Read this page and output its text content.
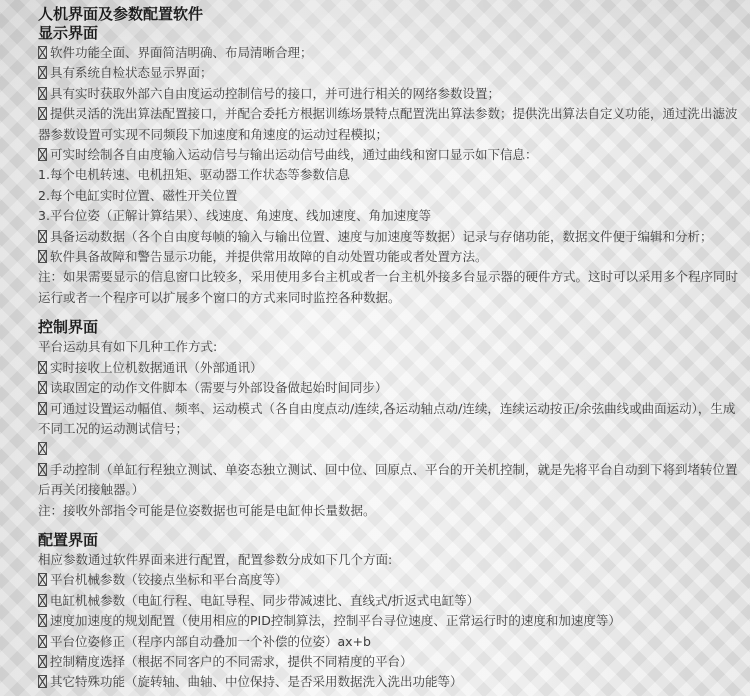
人机界面及参数配置软件
显示界面

软件功能全面、界面简洁明确、布局清晰合理；

具有系统自检状态显示界面；

具有实时获取外部六自由度运动控制信号的接口，并可进行相关的网络参数设置；

提供灵活的洗出算法配置接口，并配合委托方根据训练场景特点配置洗出算法参数；提供洗出算法自定义功能，通过洗出滤波器参数设置可实现不同频段下加速度和角速度的运动过程模拟；

可实时绘制各自由度输入运动信号与输出运动信号曲线，通过曲线和窗口显示如下信息：

1.每个电机转速、电机扭矩、驱动器工作状态等参数信息

2.每个电缸实时位置、磁性开关位置

3.平台位姿（正解计算结果）、线速度、角速度、线加速度、角加速度等

具备运动数据（各个自由度每帧的输入与输出位置、速度与加速度等数据）记录与存储功能，数据文件便于编辑和分析；

软件具备故障和警告显示功能，并提供常用故障的自动处置功能或者处置方法。

注：如果需要显示的信息窗口比较多，采用使用多台主机或者一台主机外接多台显示器的硬件方式。这时可以采用多个程序同时运行或者一个程序可以扩展多个窗口的方式来同时监控各种数据。

控制界面

平台运动具有如下几种工作方式:

实时接收上位机数据通讯（外部通讯）

读取固定的动作文件脚本（需要与外部设备做起始时间同步）

可通过设置运动幅值、频率、运动模式（各自由度点动/连续,各运动轴点动/连续，连续运动按正/余弦曲线或曲面运动），生成不同工况的运动测试信号；

手动控制（单缸行程独立测试、单姿态独立测试、回中位、回原点、平台的开关机控制，就是先将平台自动到下将到堵转位置后再关闭接触器。）

注：接收外部指令可能是位姿数据也可能是电缸伸长量数据。

配置界面

相应参数通过软件界面来进行配置，配置参数分成如下几个方面:

平台机械参数（铰接点坐标和平台高度等）

电缸机械参数（电缸行程、电缸导程、同步带减速比、直线式/折返式电缸等）

速度加速度的规划配置（使用相应的PID控制算法，控制平台寻位速度、正常运行时的速度和加速度等）

平台位姿修正（程序内部自动叠加一个补偿的位姿）ax+b

控制精度选择（根据不同客户的不同需求，提供不同精度的平台）

其它特殊功能（旋转轴、曲轴、中位保持、是否采用数据洗入洗出功能等）
